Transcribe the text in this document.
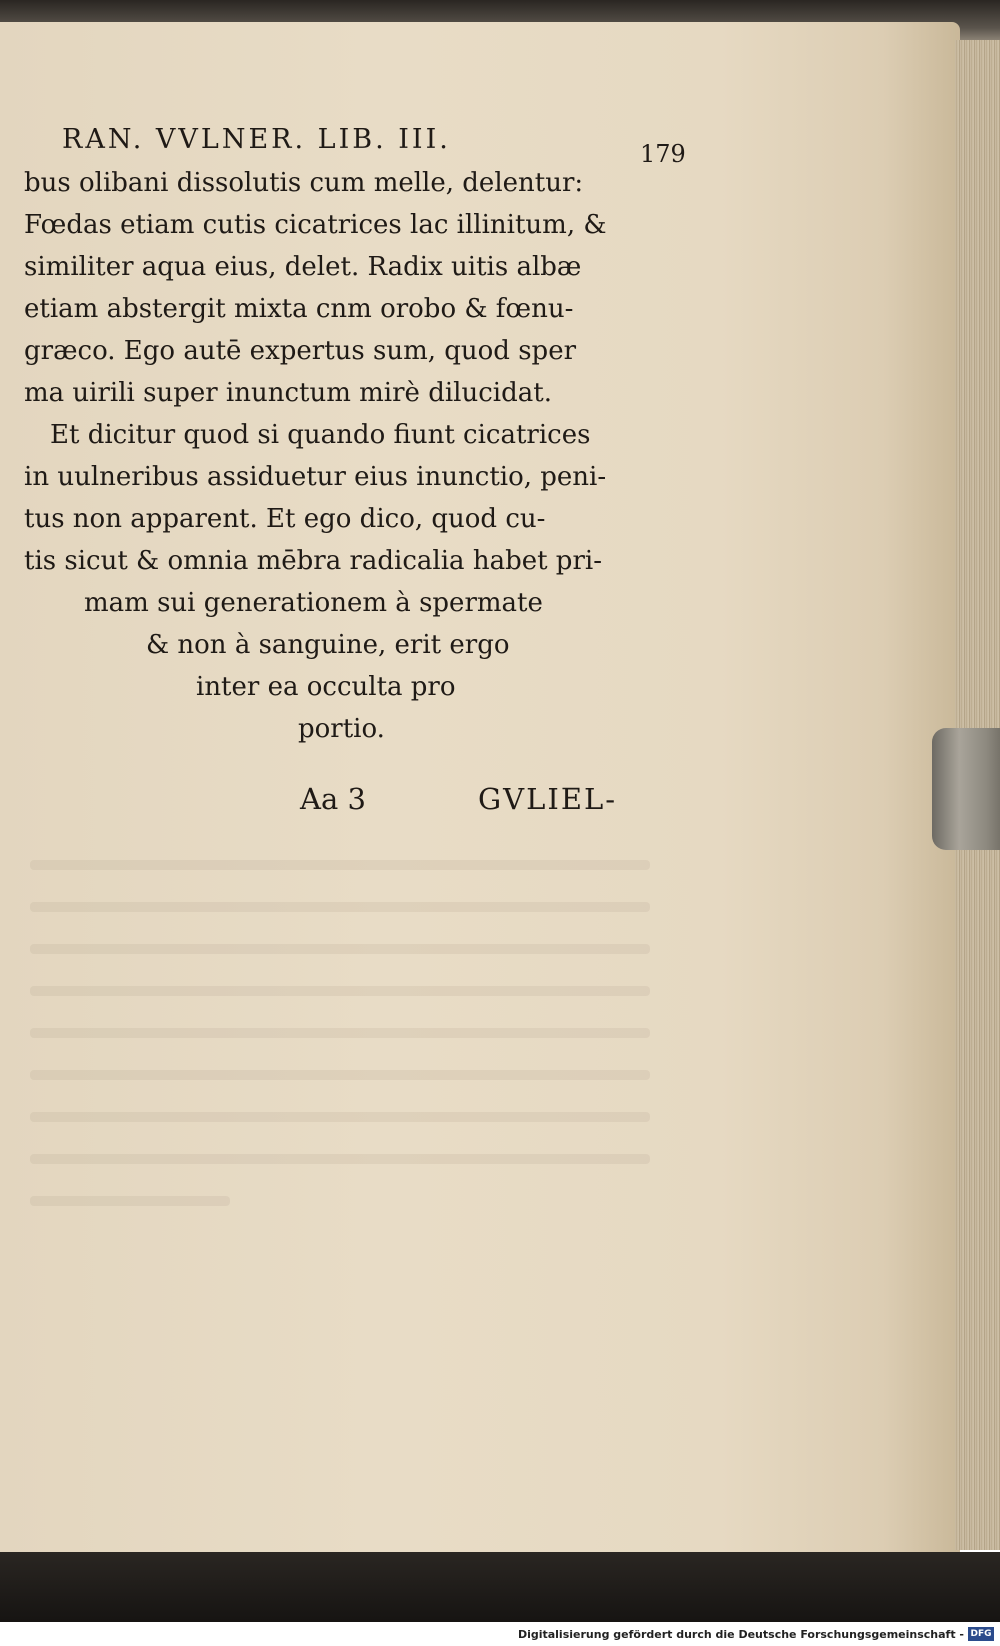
RAN. VVLNER. LIB. III.	179
bus olibani dissolutis cum melle, delentur:
Fœdas etiam cutis cicatrices lac illinitum, &
similiter aqua eius, delet. Radix uitis albæ
etiam abstergit mixta cnm orobo & fœnu-
græco. Ego autē expertus sum, quod sper
ma uirili super inunctum mirè dilucidat.
Et dicitur quod si quando fiunt cicatrices
in uulneribus assiduetur eius inunctio, peni-
tus non apparent. Et ego dico, quod cu-
tis sicut & omnia mēbra radicalia habet pri-
mam sui generationem à spermate
& non à sanguine, erit ergo
inter ea occulta pro
portio.
Aa 3	GVLIEL-
Digitalisierung gefördert durch die Deutsche Forschungsgemeinschaft - DFG
